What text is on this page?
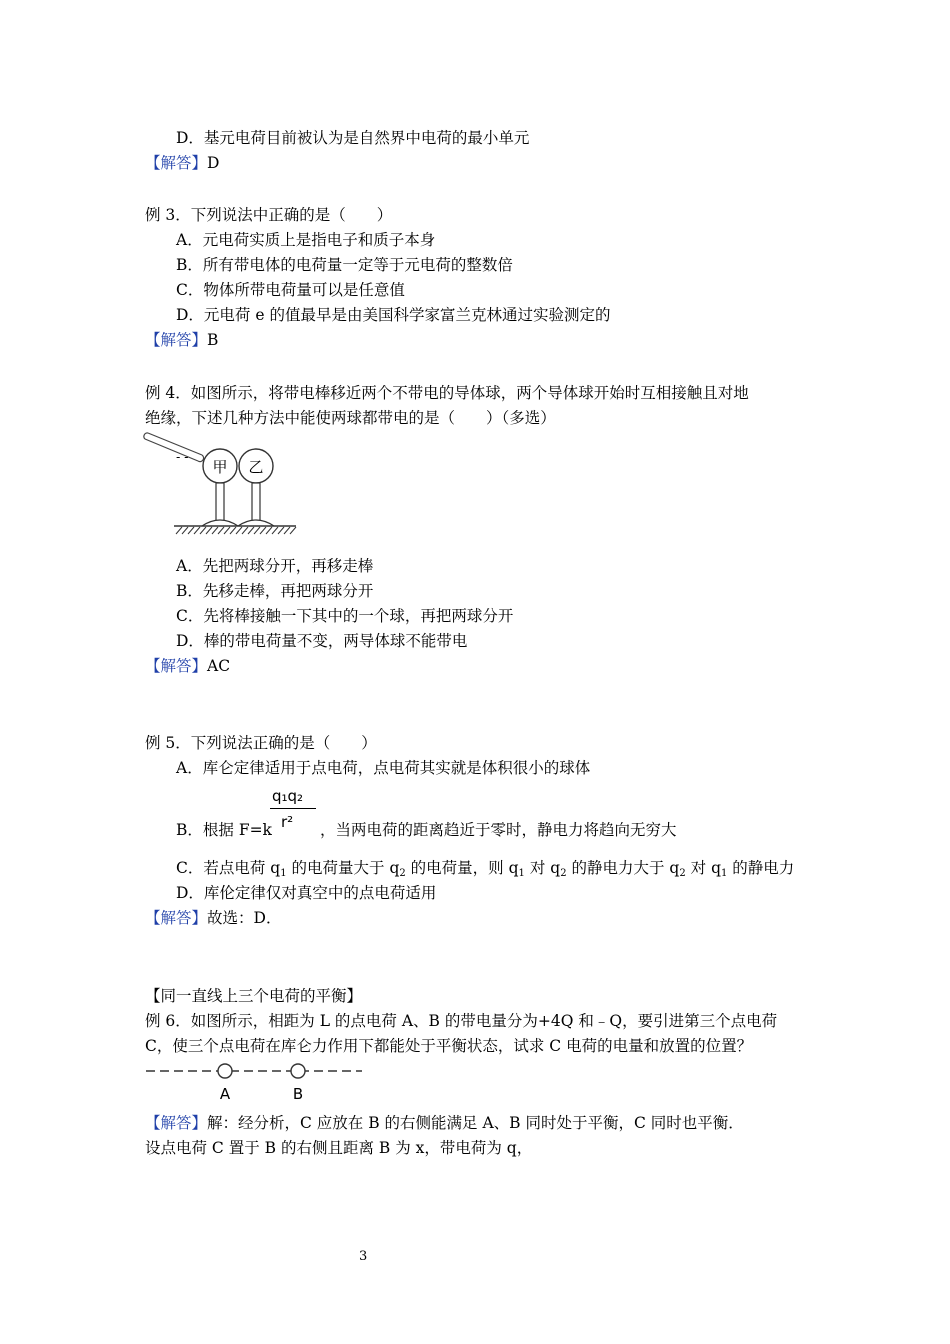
D．基元电荷目前被认为是自然界中电荷的最小单元
【解答】D
例 3．下列说法中正确的是（　　）
A．元电荷实质上是指电子和质子本身
B．所有带电体的电荷量一定等于元电荷的整数倍
C．物体所带电荷量可以是任意值
D．元电荷 e 的值最早是由美国科学家富兰克林通过实验测定的
【解答】B
例 4．如图所示，将带电棒移近两个不带电的导体球，两个导体球开始时互相接触且对地
绝缘，下述几种方法中能使两球都带电的是（　　）（多选）
- -
甲 乙
A．先把两球分开，再移走棒
B．先移走棒，再把两球分开
C．先将棒接触一下其中的一个球，再把两球分开
D．棒的带电荷量不变，两导体球不能带电
【解答】AC
例 5．下列说法正确的是（　　）
A．库仑定律适用于点电荷，点电荷其实就是体积很小的球体
B．根据 F=k	，当两电荷的距离趋近于零时，静电力将趋向无穷大
q₁q₂
r²
C．若点电荷 $q_1$ 的电荷量大于 $q_2$ 的电荷量，则 $q_1$ 对 $q_2$ 的静电力大于 $q_2$ 对 $q_1$ 的静电力
D．库伦定律仅对真空中的点电荷适用
【解答】故选：D．
【同一直线上三个电荷的平衡】
例 6．如图所示，相距为 L 的点电荷 A、B 的带电量分为+4Q 和﹣Q，要引进第三个点电荷
C，使三个点电荷在库仑力作用下都能处于平衡状态，试求 C 电荷的电量和放置的位置？
A	B
【解答】解：经分析，C 应放在 B 的右侧能满足 A、B 同时处于平衡，C 同时也平衡．
设点电荷 C 置于 B 的右侧且距离 B 为 x，带电荷为 q，
3
